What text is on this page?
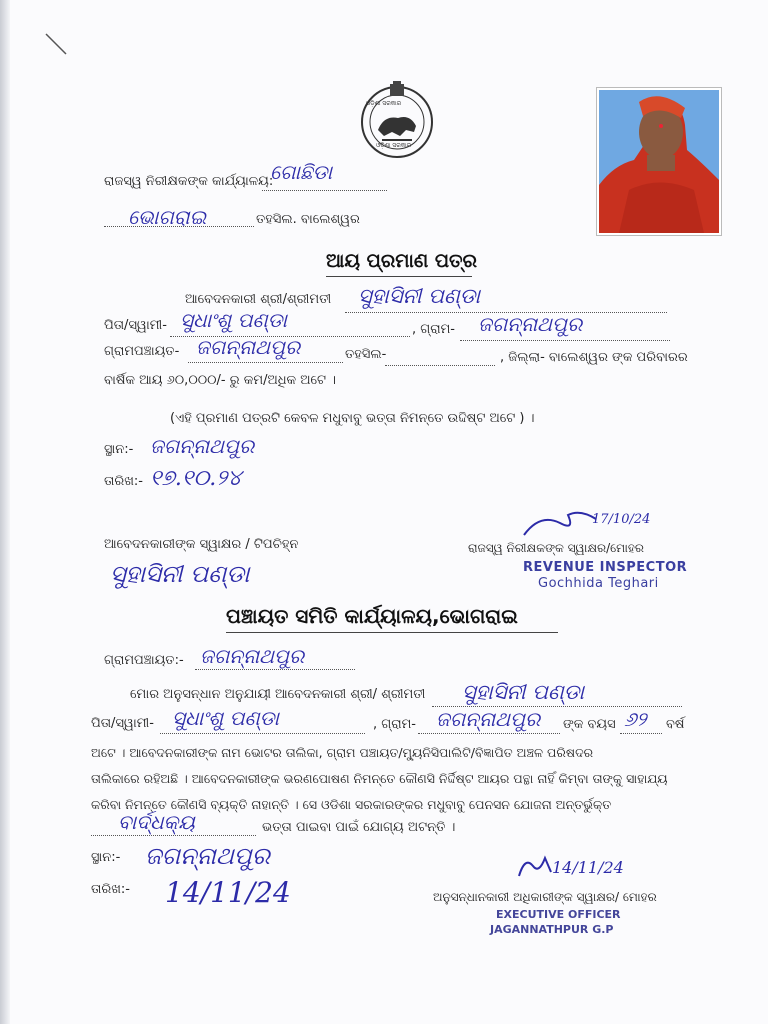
ଓଡ଼ିଶା ସରକାର
ଓଡ଼ିଶା ସରକାର
ରାଜସ୍ୱ ନିରୀକ୍ଷକଙ୍କ କାର୍ଯ୍ୟାଳୟ:
ଗୋଛିଡା
ଭୋଗରାଇ	ତହସିଲ. ବାଲେଶ୍ୱର
ଆୟ ପ୍ରମାଣ ପତ୍ର
ଆବେଦନକାରୀ ଶ୍ରୀ/ଶ୍ରୀମତୀ ସୁହାସିନୀ ପଣ୍ଡା
ପିତା/ସ୍ୱାମୀ- ସୁଧାଂଶୁ ପଣ୍ଡା	, ଗ୍ରାମ- ଜଗନ୍ନାଥପୁର
ଗ୍ରାମପଞ୍ଚାୟତ- ଜଗନ୍ନାଥପୁର	ତହସିଲ-	, ଜିଲ୍ଲା- ବାଲେଶ୍ୱର ଙ୍କ ପରିବାରର
ବାର୍ଷିକ ଆୟ ୬୦,୦୦୦/- ରୁ କମ/ଅଧିକ ଅଟେ ।
(ଏହି ପ୍ରମାଣ ପତ୍ରଟି କେବଳ ମଧୁବାବୁ ଭତ୍ତା ନିମନ୍ତେ ଉଦ୍ଦିଷ୍ଟ ଅଟେ ) ।
ସ୍ଥାନ:- ଜଗନ୍ନାଥପୁର
ତାରିଖ:- ୧୭.୧୦.୨୪
ଆବେଦନକାରୀଙ୍କ ସ୍ୱାକ୍ଷର / ଟିପଚିହ୍ନ
ସୁହାସିନୀ ପଣ୍ଡା
17/10/24
ରାଜସ୍ୱ ନିରୀକ୍ଷକଙ୍କ ସ୍ୱାକ୍ଷର/ମୋହର
REVENUE INSPECTOR
Gochhida Teghari
ପଞ୍ଚାୟତ ସମିତି କାର୍ଯ୍ୟାଳୟ,ଭୋଗରାଇ
ଗ୍ରାମପଞ୍ଚାୟତ:- ଜଗନ୍ନାଥପୁର
ମୋର ଅନୁସନ୍ଧାନ ଅନୁଯାୟୀ ଆବେଦନକାରୀ ଶ୍ରୀ/ ଶ୍ରୀମତୀ ସୁହାସିନୀ ପଣ୍ଡା
ପିତା/ସ୍ୱାମୀ- ସୁଧାଂଶୁ ପଣ୍ଡା	, ଗ୍ରାମ- ଜଗନ୍ନାଥପୁର ଙ୍କ ବୟସ ୬୨ ବର୍ଷ
ଅଟେ । ଆବେଦନକାରୀଙ୍କ ନାମ ଭୋଟର ତାଲିକା, ଗ୍ରାମ ପଞ୍ଚାୟତ/ମ୍ୟୁନିସିପାଲିଟି/ବିଜ୍ଞାପିତ ଅଞ୍ଚଳ ପରିଷଦର
ତାଲିକାରେ ରହିଅଛି । ଆବେଦନକାରୀଙ୍କ ଭରଣପୋଷଣ ନିମନ୍ତେ କୌଣସି ନିର୍ଦ୍ଦିଷ୍ଟ ଆୟର ପନ୍ଥା ନାହିଁ କିମ୍ବା ତାଙ୍କୁ ସାହାଯ୍ୟ
କରିବା ନିମନ୍ତେ କୌଣସି ବ୍ୟକ୍ତି ନାହାନ୍ତି । ସେ ଓଡିଶା ସରକାରଙ୍କର ମଧୁବାବୁ ପେନସନ ଯୋଜନା ଅନ୍ତର୍ଭୁକ୍ତ
ବାର୍ଦ୍ଧକ୍ୟ	ଭତ୍ତା ପାଇବା ପାଇଁ ଯୋଗ୍ୟ ଅଟନ୍ତି ।
ସ୍ଥାନ:- ଜଗନ୍ନାଥପୁର
ତାରିଖ:- 14/11/24
14/11/24
ଅନୁସନ୍ଧାନକାରୀ ଅଧିକାରୀଙ୍କ ସ୍ୱାକ୍ଷର/ ମୋହର
EXECUTIVE OFFICER
JAGANNATHPUR G.P
